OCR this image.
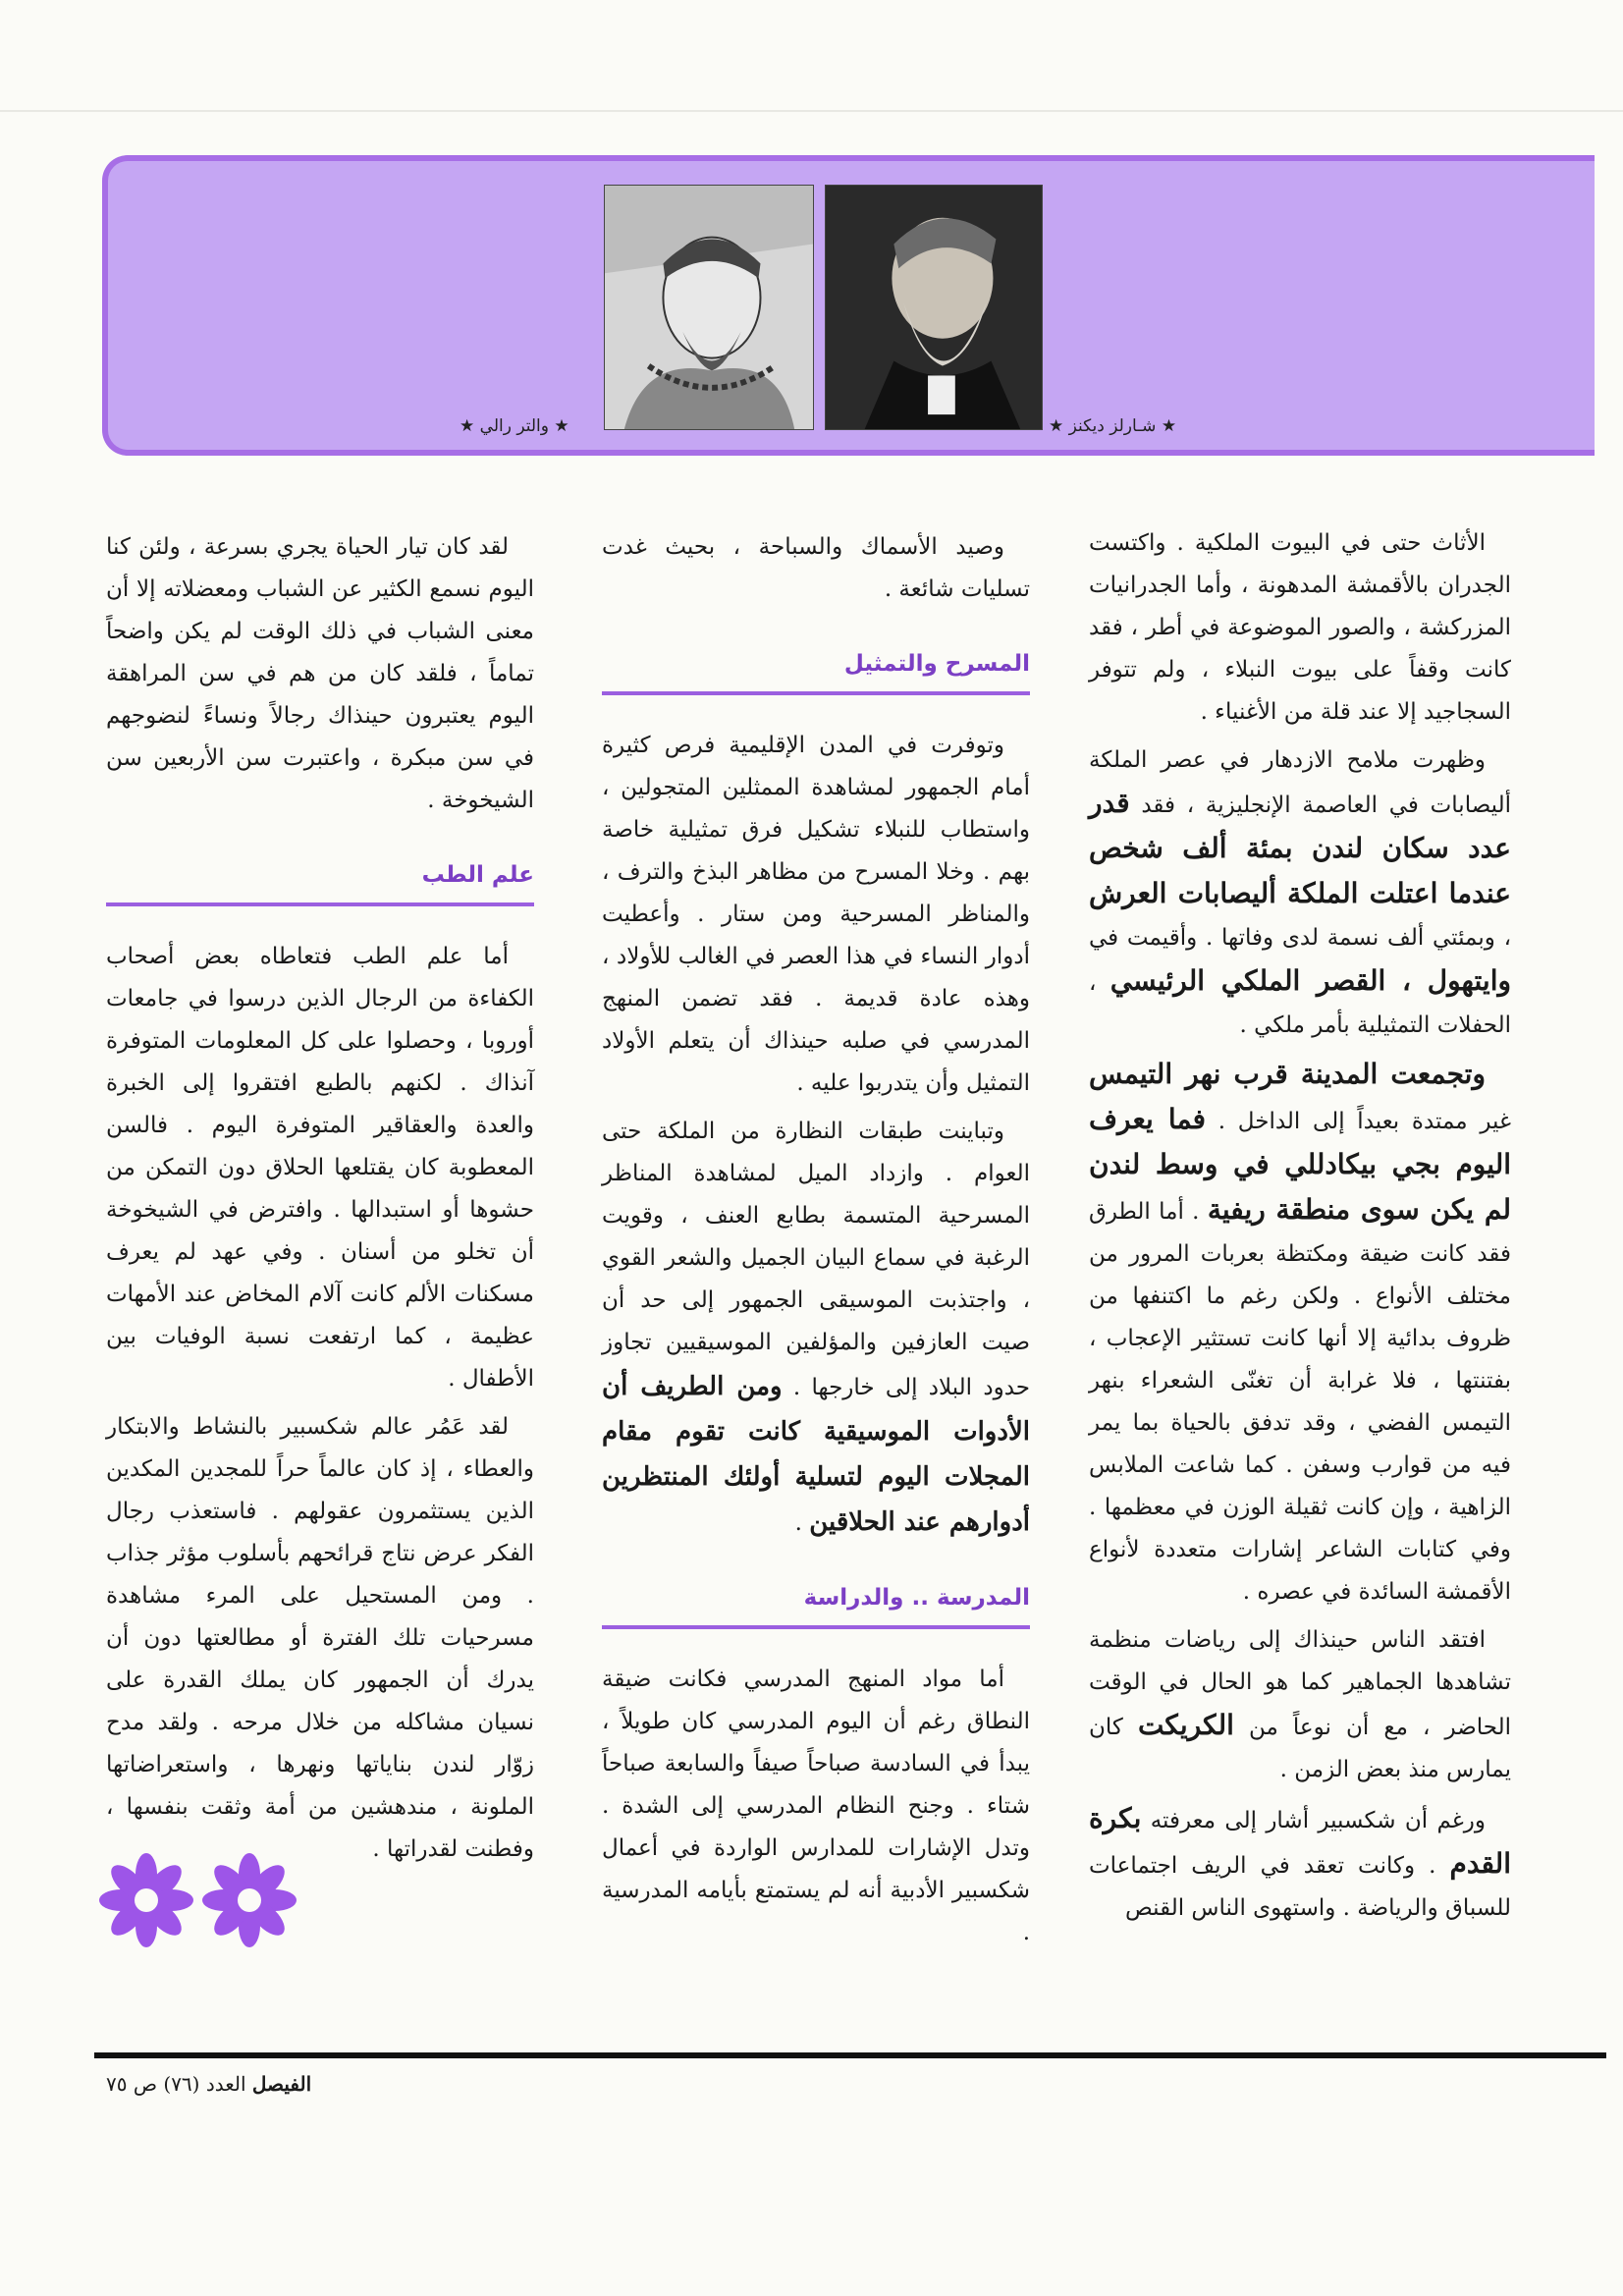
★ شـارلز ديكنز ★
★ والتر رالي ★

الأثاث حتى في البيوت الملكية . واكتست الجدران بالأقمشة المدهونة ، وأما الجدرانيات المزركشة ، والصور الموضوعة في أطر ، فقد كانت وقفاً على بيوت النبلاء ، ولم تتوفر السجاجيد إلا عند قلة من الأغنياء .

وظهرت ملامح الازدهار في عصر الملكة أليصابات في العاصمة الإنجليزية ، فقد قدر عدد سكان لندن بمئة ألف شخص عندما اعتلت الملكة أليصابات العرش ، وبمئتي ألف نسمة لدى وفاتها . وأقيمت في وايتهول ، القصر الملكي الرئيسي ، الحفلات التمثيلية بأمر ملكي .

وتجمعت المدينة قرب نهر التيمس غير ممتدة بعيداً إلى الداخل . فما يعرف اليوم بجي بيكادللي في وسط لندن لم يكن سوى منطقة ريفية . أما الطرق فقد كانت ضيقة ومكتظة بعربات المرور من مختلف الأنواع . ولكن رغم ما اكتنفها من ظروف بدائية إلا أنها كانت تستثير الإعجاب ، بفتنتها ، فلا غرابة أن تغنّى الشعراء بنهر التيمس الفضي ، وقد تدفق بالحياة بما يمر فيه من قوارب وسفن . كما شاعت الملابس الزاهية ، وإن كانت ثقيلة الوزن في معظمها . وفي كتابات الشاعر إشارات متعددة لأنواع الأقمشة السائدة في عصره .

افتقد الناس حينذاك إلى رياضات منظمة تشاهدها الجماهير كما هو الحال في الوقت الحاضر ، مع أن نوعاً من الكريكت كان يمارس منذ بعض الزمن .

ورغم أن شكسبير أشار إلى معرفته بكرة القدم . وكانت تعقد في الريف اجتماعات للسباق والرياضة . واستهوى الناس القنص

وصيد الأسماك والسباحة ، بحيث غدت تسليات شائعة .

المسرح والتمثيل

وتوفرت في المدن الإقليمية فرص كثيرة أمام الجمهور لمشاهدة الممثلين المتجولين ، واستطاب للنبلاء تشكيل فرق تمثيلية خاصة بهم . وخلا المسرح من مظاهر البذخ والترف ، والمناظر المسرحية ومن ستار . وأعطيت أدوار النساء في هذا العصر في الغالب للأولاد ، وهذه عادة قديمة . فقد تضمن المنهج المدرسي في صلبه حينذاك أن يتعلم الأولاد التمثيل وأن يتدربوا عليه .

وتباينت طبقات النظارة من الملكة حتى العوام . وازداد الميل لمشاهدة المناظر المسرحية المتسمة بطابع العنف ، وقويت الرغبة في سماع البيان الجميل والشعر القوي ، واجتذبت الموسيقى الجمهور إلى حد أن صيت العازفين والمؤلفين الموسيقيين تجاوز حدود البلاد إلى خارجها . ومن الطريف أن الأدوات الموسيقية كانت تقوم مقام المجلات اليوم لتسلية أولئك المنتظرين أدوارهم عند الحلاقين .

المدرسة .. والدراسة

أما مواد المنهج المدرسي فكانت ضيقة النطاق رغم أن اليوم المدرسي كان طويلاً ، يبدأ في السادسة صباحاً صيفاً والسابعة صباحاً شتاء . وجنح النظام المدرسي إلى الشدة . وتدل الإشارات للمدارس الواردة في أعمال شكسبير الأدبية أنه لم يستمتع بأيامه المدرسية .

لقد كان تيار الحياة يجري بسرعة ، ولئن كنا اليوم نسمع الكثير عن الشباب ومعضلاته إلا أن معنى الشباب في ذلك الوقت لم يكن واضحاً تماماً ، فلقد كان من هم في سن المراهقة اليوم يعتبرون حينذاك رجالاً ونساءً لنضوجهم في سن مبكرة ، واعتبرت سن الأربعين سن الشيخوخة .

علم الطب

أما علم الطب فتعاطاه بعض أصحاب الكفاءة من الرجال الذين درسوا في جامعات أوروبا ، وحصلوا على كل المعلومات المتوفرة آنذاك . لكنهم بالطبع افتقروا إلى الخبرة والعدة والعقاقير المتوفرة اليوم . فالسن المعطوبة كان يقتلعها الحلاق دون التمكن من حشوها أو استبدالها . وافترض في الشيخوخة أن تخلو من أسنان . وفي عهد لم يعرف مسكنات الألم كانت آلام المخاض عند الأمهات عظيمة ، كما ارتفعت نسبة الوفيات بين الأطفال .

لقد عَمُر عالم شكسبير بالنشاط والابتكار والعطاء ، إذ كان عالماً حراً للمجدين المكدين الذين يستثمرون عقولهم . فاستعذب رجال الفكر عرض نتاج قرائحهم بأسلوب مؤثر جذاب . ومن المستحيل على المرء مشاهدة مسرحيات تلك الفترة أو مطالعتها دون أن يدرك أن الجمهور كان يملك القدرة على نسيان مشاكله من خلال مرحه . ولقد مدح زوّار لندن بناياتها ونهرها ، واستعراضاتها الملونة ، مندهشين من أمة وثقت بنفسها ، وفطنت لقدراتها .

الفيصل العدد (٧٦) ص ٧٥
